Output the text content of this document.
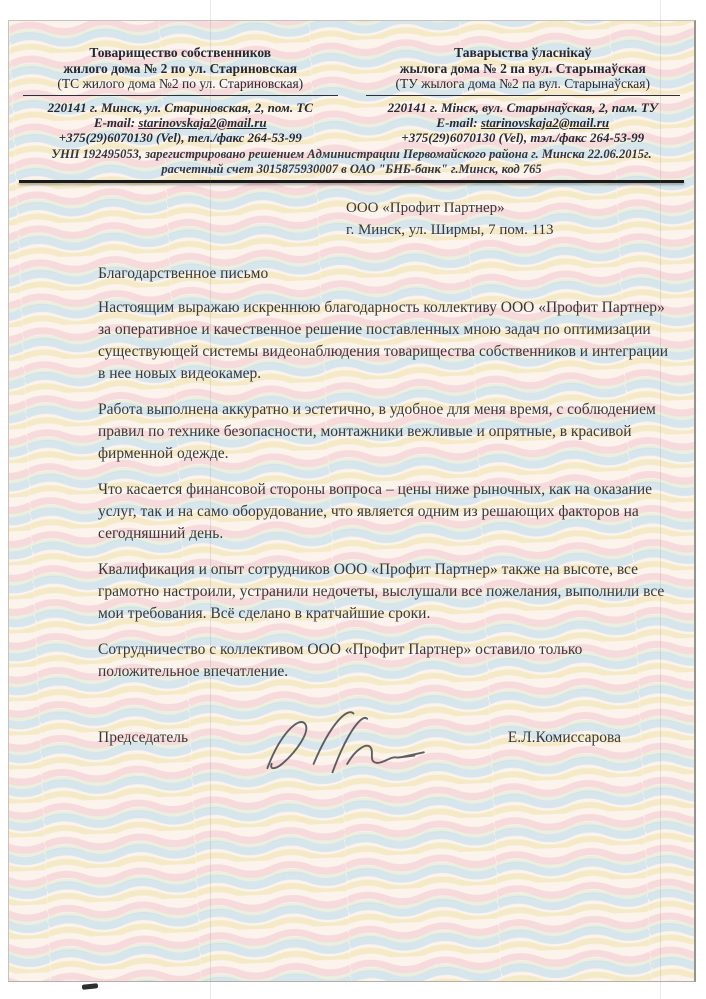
Товарищество собственников
жилого дома № 2 по ул. Стариновская
(ТС жилого дома №2 по ул. Стариновская)
220141 г. Минск, ул. Стариновская, 2, пом. ТС
E-mail: starinovskaja2@mail.ru
+375(29)6070130 (Vel), тел./факс 264-53-99
Таварыства ўласнікаў
жылога дома № 2 па вул. Старынаўская
(ТУ жылога дома №2 па вул. Старынаўская)
220141 г. Мінск, вул. Старынаўская, 2, пам. ТУ
E-mail: starinovskaja2@mail.ru
+375(29)6070130 (Vel), тэл./факс 264-53-99
УНП 192495053, зарегистрировано решением Администрации Первомайского района г. Минска 22.06.2015г.
расчетный счет 3015875930007 в ОАО "БНБ-банк" г.Минск, код 765
ООО «Профит Партнер»
г. Минск, ул. Ширмы, 7 пом. 113
Благодарственное письмо

Настоящим выражаю искреннюю благодарность коллективу ООО «Профит Партнер» за оперативное и качественное решение поставленных мною задач по оптимизации существующей системы видеонаблюдения товарищества собственников и интеграции в нее новых видеокамер.

Работа выполнена аккуратно и эстетично, в удобное для меня время, с соблюдением правил по технике безопасности, монтажники вежливые и опрятные, в красивой фирменной одежде.

Что касается финансовой стороны вопроса – цены ниже рыночных, как на оказание услуг, так и на само оборудование, что является одним из решающих факторов на сегодняшний день.

Квалификация и опыт сотрудников ООО «Профит Партнер» также на высоте, все грамотно настроили, устранили недочеты, выслушали все пожелания, выполнили все мои требования. Всё сделано в кратчайшие сроки.

Сотрудничество с коллективом ООО «Профит Партнер» оставило только положительное впечатление.

Председатель	Е.Л.Комиссарова
